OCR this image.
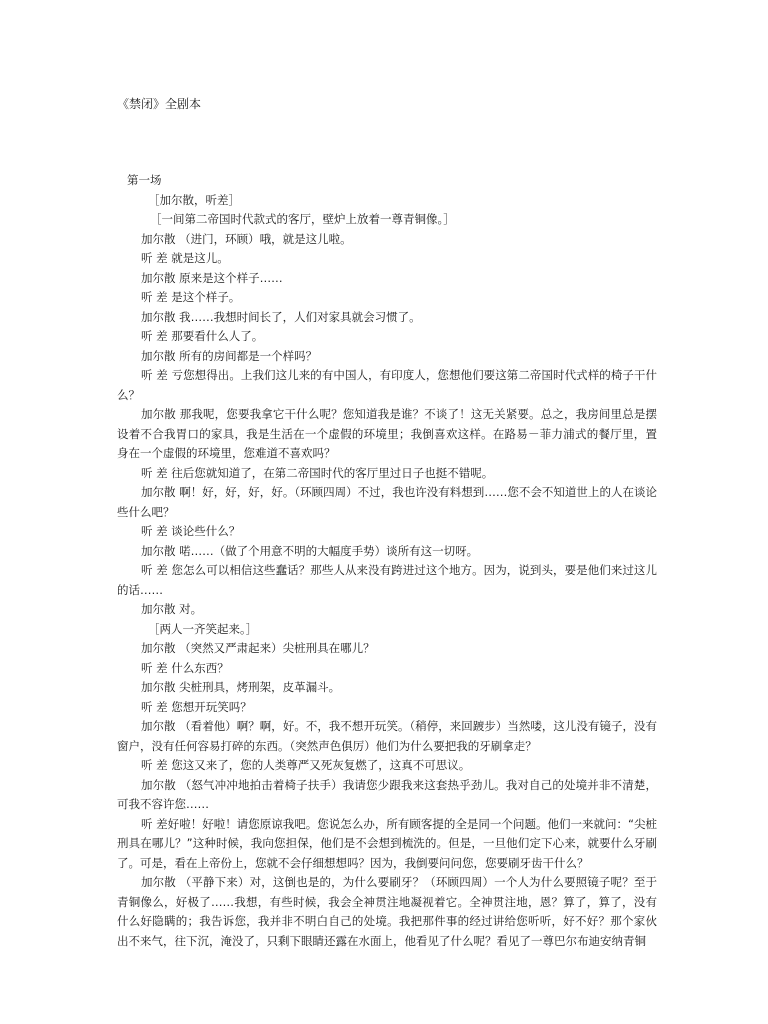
《禁闭》全剧本
第一场
［加尔散，听差］
［一间第二帝国时代款式的客厅，壁炉上放着一尊青铜像。］
加尔散 （进门，环顾）哦，就是这儿啦。
听 差 就是这儿。
加尔散 原来是这个样子……
听 差 是这个样子。
加尔散 我……我想时间长了，人们对家具就会习惯了。
听 差 那要看什么人了。
加尔散 所有的房间都是一个样吗？
听 差 亏您想得出。上我们这儿来的有中国人，有印度人，您想他们要这第二帝国时代式样的椅子干什么？
加尔散 那我呢，您要我拿它干什么呢？您知道我是谁？不谈了！这无关紧要。总之，我房间里总是摆设着不合我胃口的家具，我是生活在一个虚假的环境里；我倒喜欢这样。在路易－菲力浦式的餐厅里，置身在一个虚假的环境里，您难道不喜欢吗？
听 差 往后您就知道了，在第二帝国时代的客厅里过日子也挺不错呢。
加尔散 啊！好，好，好，好。（环顾四周）不过，我也许没有料想到……您不会不知道世上的人在谈论些什么吧？
听 差 谈论些什么？
加尔散 喏……（做了个用意不明的大幅度手势）谈所有这一切呀。
听 差 您怎么可以相信这些蠢话？那些人从来没有跨进过这个地方。因为，说到头，要是他们来过这儿的话……
加尔散 对。
［两人一齐笑起来。］
加尔散 （突然又严肃起来）尖桩刑具在哪儿？
听 差 什么东西？
加尔散 尖桩刑具，烤刑架，皮革漏斗。
听 差 您想开玩笑吗？
加尔散 （看着他）啊？啊，好。不，我不想开玩笑。（稍停，来回踱步）当然喽，这儿没有镜子，没有窗户，没有任何容易打碎的东西。（突然声色俱厉）他们为什么要把我的牙刷拿走？
听 差 您这又来了，您的人类尊严又死灰复燃了，这真不可思议。
加尔散 （怒气冲冲地拍击着椅子扶手）我请您少跟我来这套热乎劲儿。我对自己的处境并非不清楚，可我不容许您……
听 差好啦！好啦！请您原谅我吧。您说怎么办，所有顾客提的全是同一个问题。他们一来就问：“尖桩刑具在哪儿？”这种时候，我向您担保，他们是不会想到梳洗的。但是，一旦他们定下心来，就要什么牙刷了。可是，看在上帝份上，您就不会仔细想想吗？因为，我倒要问问您，您要刷牙齿干什么？
加尔散 （平静下来）对，这倒也是的，为什么要刷牙？（环顾四周）一个人为什么要照镜子呢？至于青铜像么，好极了……我想，有些时候，我会全神贯注地凝视着它。全神贯注地，恩？算了，算了，没有什么好隐瞒的；我告诉您，我并非不明白自己的处境。我把那件事的经过讲给您听听，好不好？那个家伙出不来气，往下沉，淹没了，只剩下眼睛还露在水面上，他看见了什么呢？看见了一尊巴尔布迪安纳青铜
